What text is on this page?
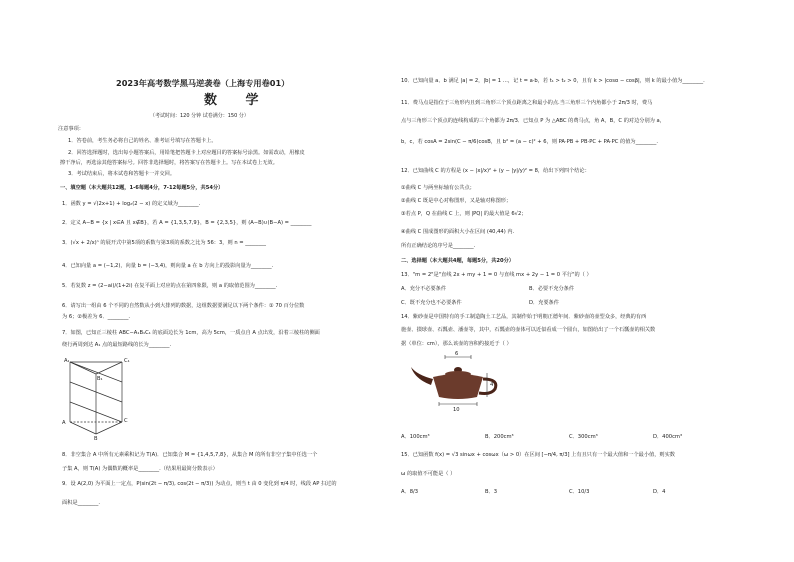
2023年高考数学黑马逆袭卷（上海专用卷01）
数 学
（考试时间：120 分钟 试卷满分：150 分）
注意事项：
1．答卷前，考生务必将自己的姓名、准考证号填写在答题卡上。
2．回答选择题时，选出每小题答案后，用铅笔把答题卡上对应题目的答案标号涂黑。如需改动，用橡皮
擦干净后，再选涂其他答案标号。回答非选择题时，将答案写在答题卡上。写在本试卷上无效。
3．考试结束后，将本试卷和答题卡一并交回。
一、填空题（本大题共12题，1-6每题4分，7-12每题5分，共54分）
1．函数 y = √(2x+1) + log₂(2 − x) 的定义域为________.
2．定义 A−B = {x | x∈A 且 x∉B}，若 A = {1,3,5,7,9}，B = {2,3,5}，则 (A−B)∪(B−A) = ________
3．(√x + 2/x)ⁿ 的展开式中第5项的系数与第3项的系数之比为 56：3，则 n = ________
4．已知向量 a = (−1,2)，向量 b = (−3,4)，则向量 a 在 b 方向上的投影向量为________.
5．若复数 z = (2−ai)/(1+2i) 在复平面上对应的点在第四象限，则 a 的取值范围为________.
6．请写出一组由 6 个不同的自然数从小到大排列的数据，这组数据要满足以下两个条件：① 70 百分位数
为 6；②极差为 6．________.
7．如图，已知正三棱柱 ABC−A₁B₁C₁ 的底面边长为 1cm，高为 5cm，一质点自 A 点出发，沿着三棱柱的侧面
绕行两周到达 A₁ 点的最短路线的长为________.
C₁
A₁
B₁
C
A
B
8．非空集合 A 中所有元素乘积记为 T(A)．已知集合 M = {1,4,5,7,8}，从集合 M 的所有非空子集中任选一个
子集 A，则 T(A) 为偶数的概率是________.（结果用最简分数表示）
9．设 A(2,0) 为平面上一定点，P(sin(2t − π/3), cos(2t − π/3)) 为动点，则当 t 由 0 变化到 π/4 时，线段 AP 扫过的
面积是________.
10．已知向量 a、b 满足 |a| = 2，|b| = 1 …，记 t = a·b，若 t₁ > t₂ > 0，且有 k > |cosα − cosβ|，则 k 的最小值为________.
11．费马点是指位于三角形内且到三角形三个顶点距离之和最小的点.当三角形三个内角都小于 2π/3 时，费马
点与三角形三个顶点的连线构成的三个角都为 2π/3．已知点 P 为 △ABC 的费马点，角 A，B，C 的对边分别为 a，
b，c，若 cosA = 2sin(C − π/6)cosB，且 b² = (a − c)² + 6，则 PA·PB + PB·PC + PA·PC 的值为________.
12．已知曲线 C 的方程是 (x − |x|/x)² + (y − |y|/y)² = 8，给出下列四个结论：
①曲线 C 与两坐标轴有公共点；
②曲线 C 既是中心对称图形，又是轴对称图形；
③若点 P，Q 在曲线 C 上，则 |PQ| 的最大值是 6√2；
④曲线 C 围成图形的面积大小在区间 (40,44) 内.
所有正确结论的序号是________.
二、选择题（本大题共4题，每题5分，共20分）
13．"m = 2"是"直线 2x + my + 1 = 0 与直线 mx + 2y − 1 = 0 平行"的（ ）
A．充分不必要条件	B．必要不充分条件
C．既不充分也不必要条件	D．充要条件
14．紫砂壶是中国特有的手工制造陶土工艺品，其制作始于明朝正德年间．紫砂壶的壶型众多，经典的有西
施壶、掇球壶、石瓢壶、潘壶等，其中，石瓢壶的壶体可以近似看成一个圆台，如图给出了一个石瓢壶的相关数
据（单位：cm），那么该壶的容积约接近于（ ）
6
4
10
A．100cm³	B．200cm³	C．300cm³	D．400cm³
15．已知函数 f(x) = √3 sinωx + cosωx（ω > 0）在区间 [−π/4, π/3] 上有且只有一个最大值和一个最小值，则实数
ω 的取值不可能是（ ）
A．8/3	B．3	C．10/3	D．4
